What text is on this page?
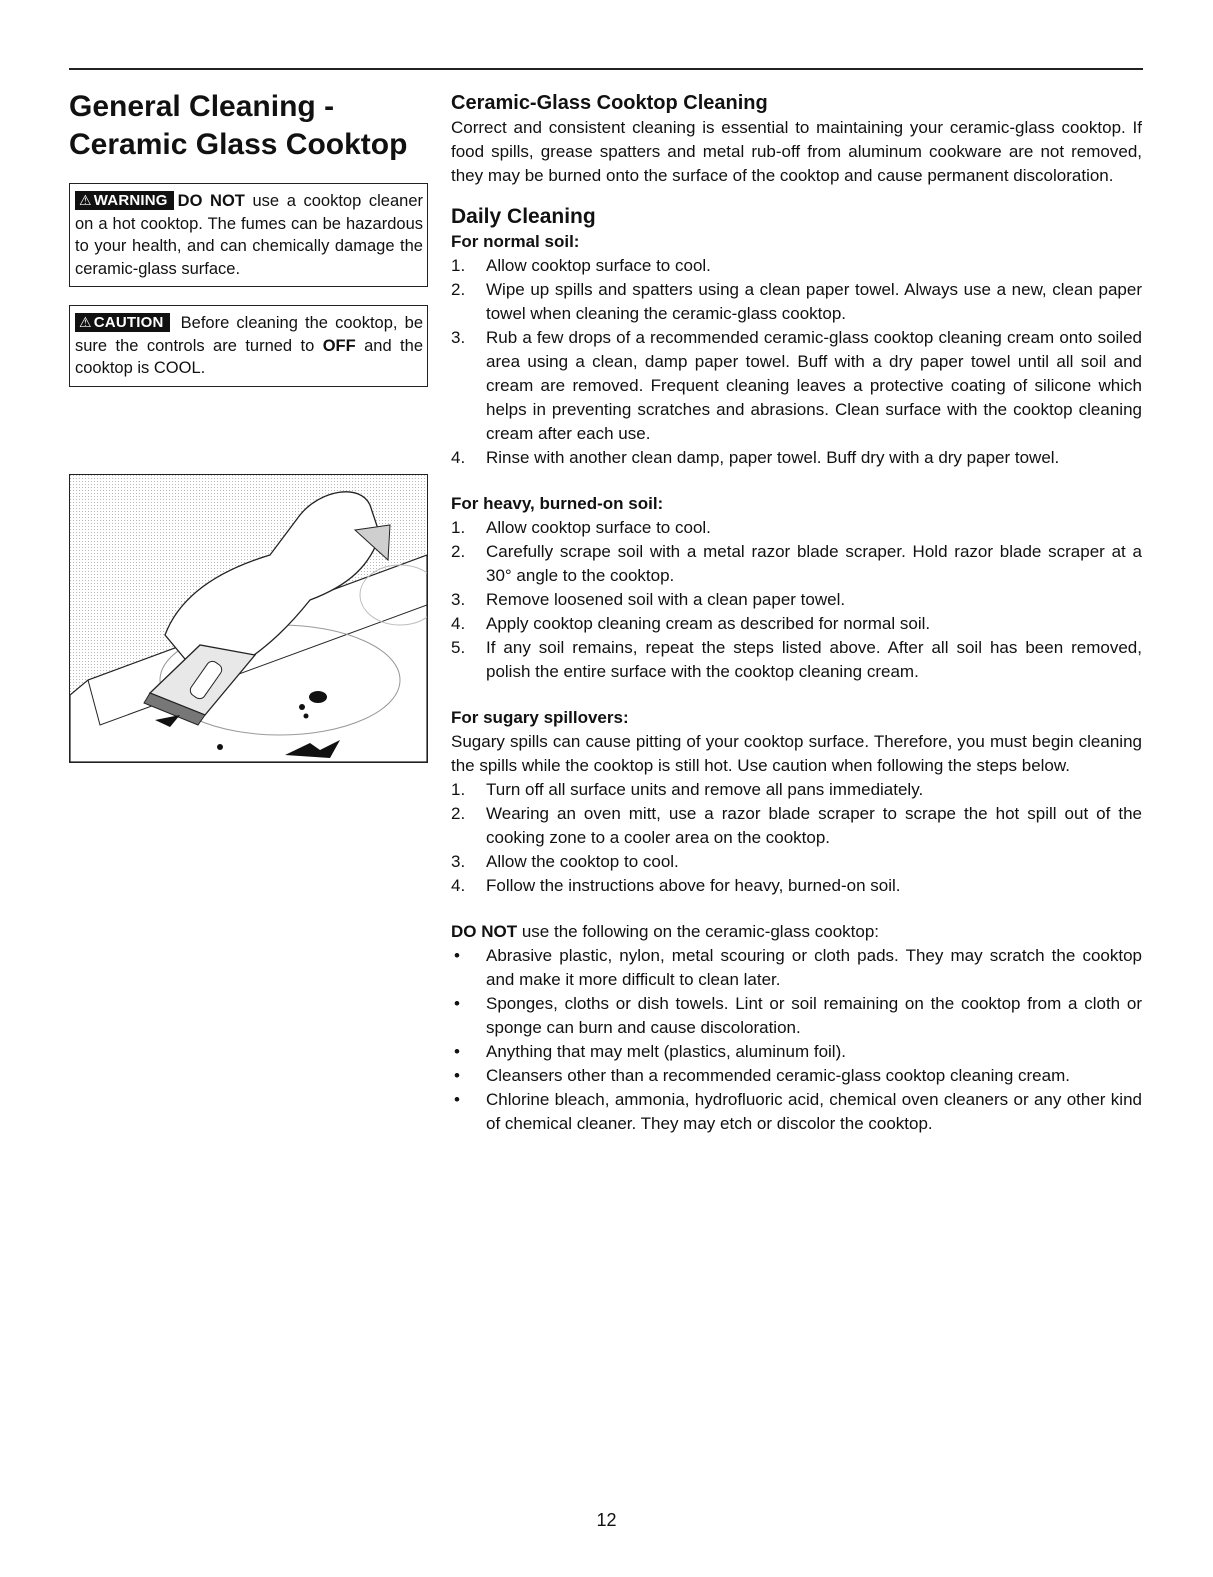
General Cleaning -
Ceramic Glass Cooktop
⚠ WARNING DO NOT use a cooktop cleaner on a hot cooktop. The fumes can be hazardous to your health, and can chemically damage the ceramic-glass surface.
⚠ CAUTION Before cleaning the cooktop, be sure the controls are turned to OFF and the cooktop is COOL.
Ceramic-Glass Cooktop Cleaning

Correct and consistent cleaning is essential to maintaining your ceramic-glass cooktop. If food spills, grease spatters and metal rub-off from aluminum cookware are not removed, they may be burned onto the surface of the cooktop and cause permanent discoloration.

Daily Cleaning
For normal soil:
1.	Allow cooktop surface to cool.
2.	Wipe up spills and spatters using a clean paper towel. Always use a new, clean paper towel when cleaning the ceramic-glass cooktop.
3.	Rub a few drops of a recommended ceramic-glass cooktop cleaning cream onto soiled area using a clean, damp paper towel. Buff with a dry paper towel until all soil and cream are removed. Frequent cleaning leaves a protective coating of silicone which helps in preventing scratches and abrasions. Clean surface with the cooktop cleaning cream after each use.
4.	Rinse with another clean damp, paper towel. Buff dry with a dry paper towel.
For heavy, burned-on soil:
1.	Allow cooktop surface to cool.
2.	Carefully scrape soil with a metal razor blade scraper. Hold razor blade scraper at a 30° angle to the cooktop.
3.	Remove loosened soil with a clean paper towel.
4.	Apply cooktop cleaning cream as described for normal soil.
5.	If any soil remains, repeat the steps listed above. After all soil has been removed, polish the entire surface with the cooktop cleaning cream.
For sugary spillovers:

Sugary spills can cause pitting of your cooktop surface. Therefore, you must begin cleaning the spills while the cooktop is still hot. Use caution when following the steps below.

1.	Turn off all surface units and remove all pans immediately.
2.	Wearing an oven mitt, use a razor blade scraper to scrape the hot spill out of the cooking zone to a cooler area on the cooktop.
3.	Allow the cooktop to cool.
4.	Follow the instructions above for heavy, burned-on soil.

DO NOT use the following on the ceramic-glass cooktop:

• Abrasive plastic, nylon, metal scouring or cloth pads. They may scratch the cooktop and make it more difficult to clean later.
• Sponges, cloths or dish towels. Lint or soil remaining on the cooktop from a cloth or sponge can burn and cause discoloration.
• Anything that may melt (plastics, aluminum foil).
• Cleansers other than a recommended ceramic-glass cooktop cleaning cream.
• Chlorine bleach, ammonia, hydrofluoric acid, chemical oven cleaners or any other kind of chemical cleaner. They may etch or discolor the cooktop.
12
